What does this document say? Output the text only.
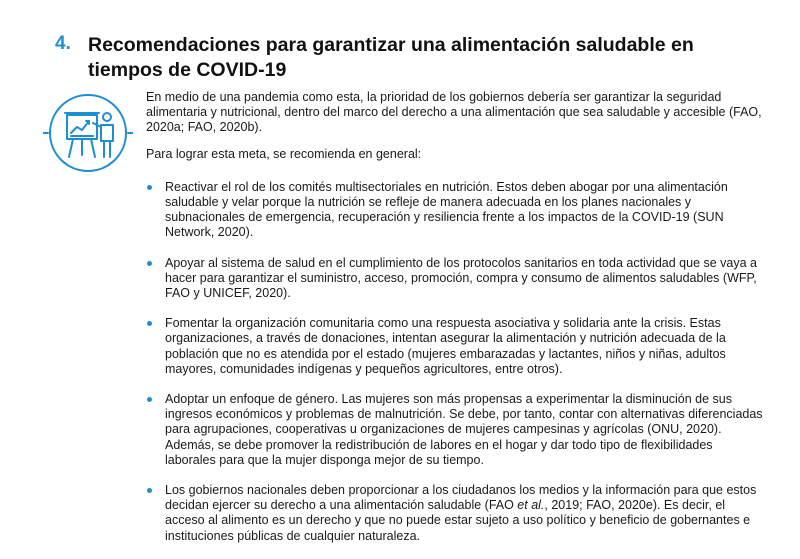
4. Recomendaciones para garantizar una alimentación saludable en tiempos de COVID-19

En medio de una pandemia como esta, la prioridad de los gobiernos debería ser garantizar la seguridad alimentaria y nutricional, dentro del marco del derecho a una alimentación que sea saludable y accesible (FAO, 2020a; FAO, 2020b).

Para lograr esta meta, se recomienda en general:

Reactivar el rol de los comités multisectoriales en nutrición. Estos deben abogar por una alimentación saludable y velar porque la nutrición se refleje de manera adecuada en los planes nacionales y subnacionales de emergencia, recuperación y resiliencia frente a los impactos de la COVID-19 (SUN Network, 2020).
Apoyar al sistema de salud en el cumplimiento de los protocolos sanitarios en toda actividad que se vaya a hacer para garantizar el suministro, acceso, promoción, compra y consumo de alimentos saludables (WFP, FAO y UNICEF, 2020).
Fomentar la organización comunitaria como una respuesta asociativa y solidaria ante la crisis. Estas organizaciones, a través de donaciones, intentan asegurar la alimentación y nutrición adecuada de la población que no es atendida por el estado (mujeres embarazadas y lactantes, niños y niñas, adultos mayores, comunidades indígenas y pequeños agricultores, entre otros).
Adoptar un enfoque de género. Las mujeres son más propensas a experimentar la disminución de sus ingresos económicos y problemas de malnutrición. Se debe, por tanto, contar con alternativas diferenciadas para agrupaciones, cooperativas u organizaciones de mujeres campesinas y agrícolas (ONU, 2020). Además, se debe promover la redistribución de labores en el hogar y dar todo tipo de flexibilidades laborales para que la mujer disponga mejor de su tiempo.
Los gobiernos nacionales deben proporcionar a los ciudadanos los medios y la información para que estos decidan ejercer su derecho a una alimentación saludable (FAO et al., 2019; FAO, 2020e). Es decir, el acceso al alimento es un derecho y que no puede estar sujeto a uso político y beneficio de gobernantes e instituciones públicas de cualquier naturaleza.
